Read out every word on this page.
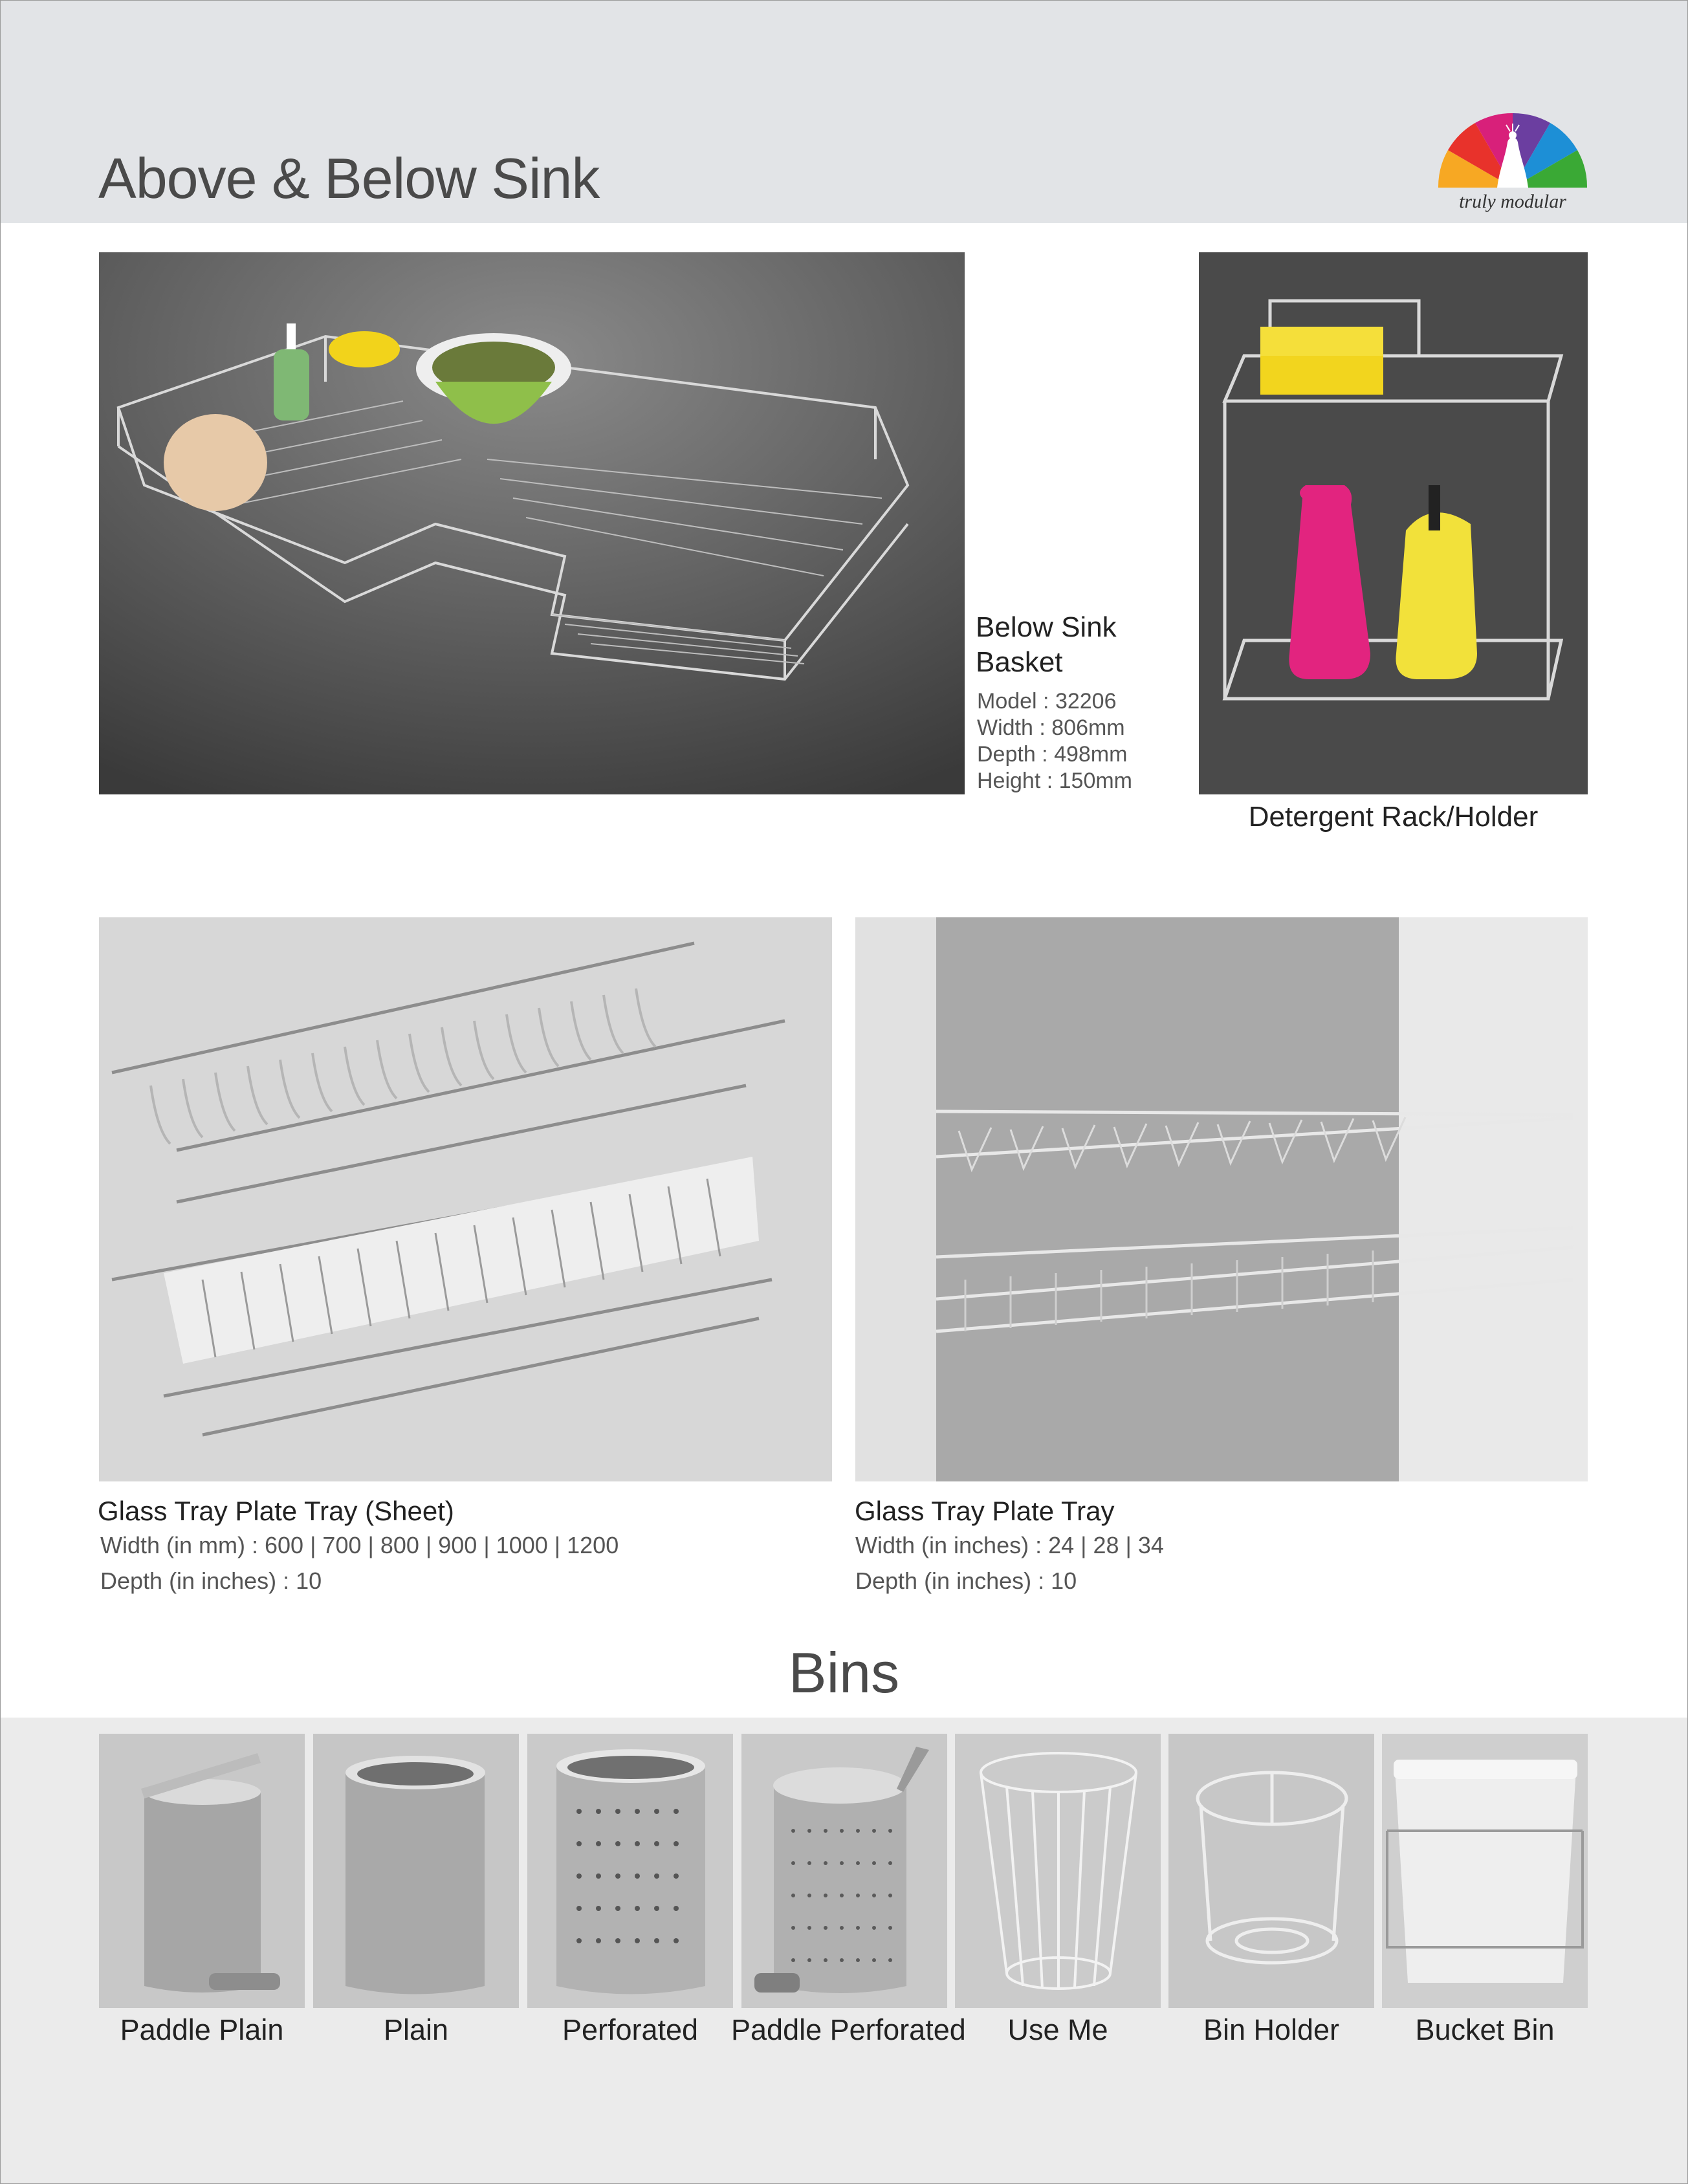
Above & Below Sink	truly modular
Below Sink
Basket
Model : 32206
Width : 806mm
Depth : 498mm
Height : 150mm
Detergent Rack/Holder
Glass Tray Plate Tray (Sheet)
Width (in mm) : 600 | 700 | 800 | 900 | 1000 | 1200
Depth (in inches) : 10
Glass Tray Plate Tray
Width (in inches) : 24 | 28 | 34
Depth (in inches) : 10
Bins
Paddle Plain	Plain	Perforated	Paddle Perforated	Use Me	Bin Holder	Bucket Bin
